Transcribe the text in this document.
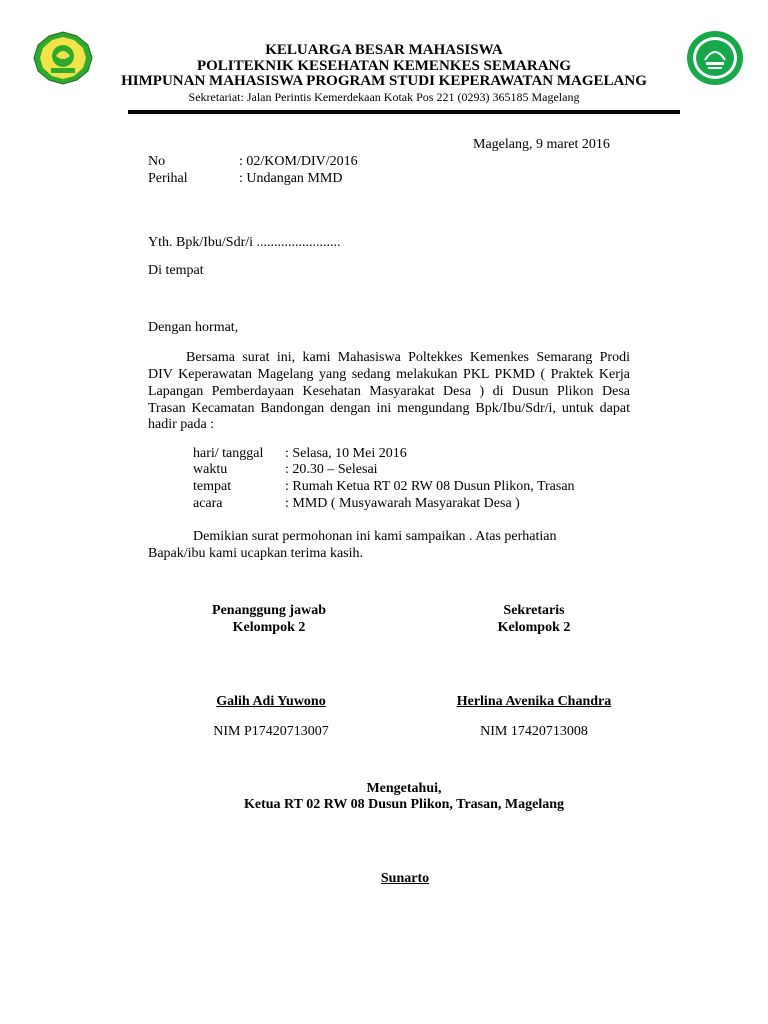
KELUARGA BESAR MAHASISWA
POLITEKNIK KESEHATAN KEMENKES SEMARANG
HIMPUNAN MAHASISWA PROGRAM STUDI KEPERAWATAN MAGELANG
Sekretariat: Jalan Perintis Kemerdekaan Kotak Pos 221 (0293) 365185 Magelang
Magelang, 9 maret 2016
No	: 02/KOM/DIV/2016
Perihal	: Undangan MMD
Yth. Bpk/Ibu/Sdr/i ........................
Di tempat
Dengan hormat,
Bersama surat ini, kami Mahasiswa Poltekkes Kemenkes Semarang Prodi
DIV Keperawatan Magelang yang sedang melakukan PKL PKMD ( Praktek Kerja
Lapangan Pemberdayaan Kesehatan Masyarakat Desa ) di Dusun Plikon Desa
Trasan Kecamatan Bandongan dengan ini mengundang Bpk/Ibu/Sdr/i, untuk dapat
hadir pada :
hari/ tanggal : Selasa, 10 Mei 2016
waktu	: 20.30 – Selesai
tempat	: Rumah Ketua RT 02 RW 08 Dusun Plikon, Trasan
acara	: MMD ( Musyawarah Masyarakat Desa )
Demikian surat permohonan ini kami sampaikan . Atas perhatian
Bapak/ibu kami ucapkan terima kasih.
Penanggung jawab
Kelompok 2
Sekretaris
Kelompok 2
Galih Adi Yuwono	Herlina Avenika Chandra
NIM P17420713007	NIM 17420713008
Mengetahui,
Ketua RT 02 RW 08 Dusun Plikon, Trasan, Magelang
Sunarto
